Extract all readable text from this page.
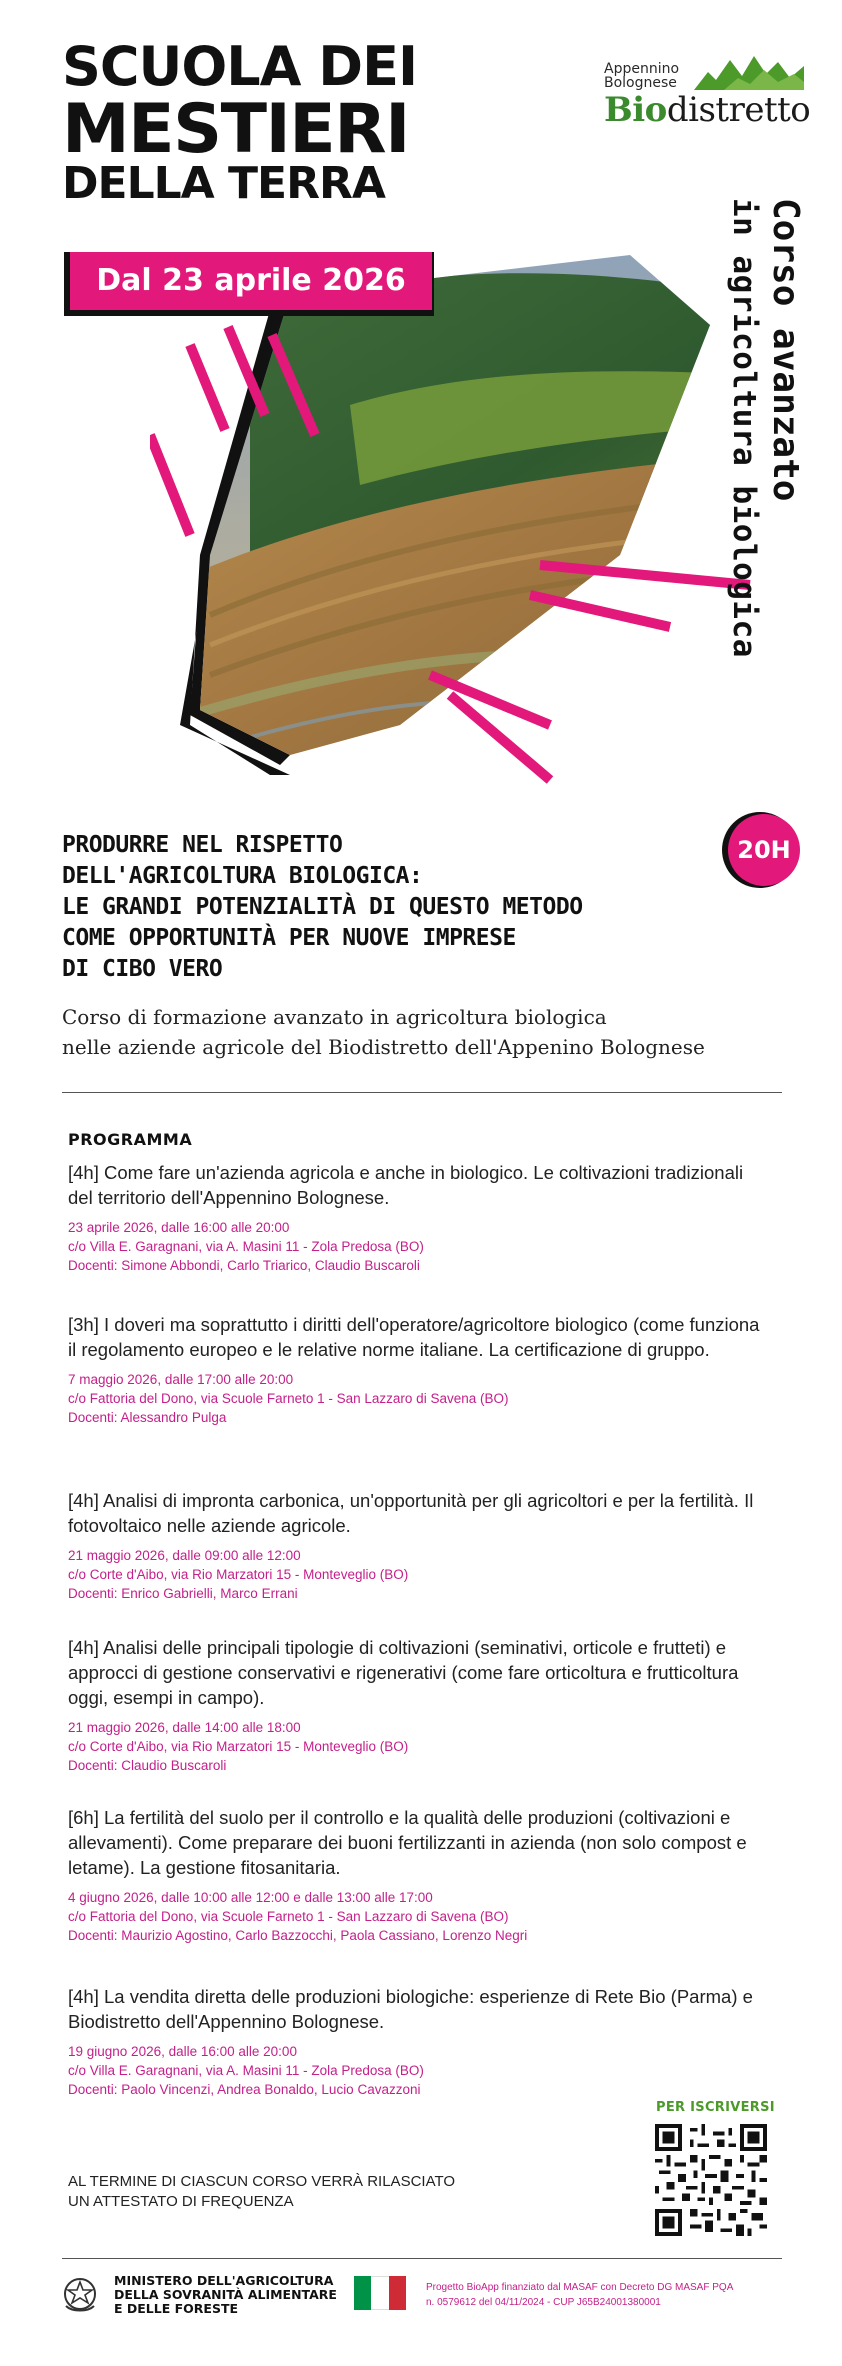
SCUOLA DEI
MESTIERI
DELLA TERRA
Appennino
Bolognese
Biodistretto
Dal 23 aprile 2026	Corso avanzato
in agricoltura biologica
20H
PRODURRE NEL RISPETTO
DELL'AGRICOLTURA BIOLOGICA:
LE GRANDI POTENZIALITÀ DI QUESTO METODO
COME OPPORTUNITÀ PER NUOVE IMPRESE
DI CIBO VERO
Corso di formazione avanzato in agricoltura biologica
nelle aziende agricole del Biodistretto dell'Appenino Bolognese
PROGRAMMA
[4h] Come fare un'azienda agricola e anche in biologico. Le coltivazioni tradizionali del territorio dell'Appennino Bolognese.
23 aprile 2026, dalle 16:00 alle 20:00
c/o Villa E. Garagnani, via A. Masini 11 - Zola Predosa (BO)
Docenti: Simone Abbondi, Carlo Triarico, Claudio Buscaroli
[3h] I doveri ma soprattutto i diritti dell'operatore/agricoltore biologico (come funziona il regolamento europeo e le relative norme italiane. La certificazione di gruppo.
7 maggio 2026, dalle 17:00 alle 20:00
c/o Fattoria del Dono, via Scuole Farneto 1 - San Lazzaro di Savena (BO)
Docenti: Alessandro Pulga
[4h] Analisi di impronta carbonica, un'opportunità per gli agricoltori e per la fertilità. Il fotovoltaico nelle aziende agricole.
21 maggio 2026, dalle 09:00 alle 12:00
c/o Corte d'Aibo, via Rio Marzatori 15 - Monteveglio (BO)
Docenti: Enrico Gabrielli, Marco Errani
[4h] Analisi delle principali tipologie di coltivazioni (seminativi, orticole e frutteti) e approcci di gestione conservativi e rigenerativi (come fare orticoltura e frutticoltura oggi, esempi in campo).
21 maggio 2026, dalle 14:00 alle 18:00
c/o Corte d'Aibo, via Rio Marzatori 15 - Monteveglio (BO)
Docenti: Claudio Buscaroli
[6h] La fertilità del suolo per il controllo e la qualità delle produzioni (coltivazioni e allevamenti). Come preparare dei buoni fertilizzanti in azienda (non solo compost e letame). La gestione fitosanitaria.
4 giugno 2026, dalle 10:00 alle 12:00 e dalle 13:00 alle 17:00
c/o Fattoria del Dono, via Scuole Farneto 1 - San Lazzaro di Savena (BO)
Docenti: Maurizio Agostino, Carlo Bazzocchi, Paola Cassiano, Lorenzo Negri
[4h] La vendita diretta delle produzioni biologiche: esperienze di Rete Bio (Parma) e Biodistretto dell'Appennino Bolognese.
19 giugno 2026, dalle 16:00 alle 20:00
c/o Villa E. Garagnani, via A. Masini 11 - Zola Predosa (BO)
Docenti: Paolo Vincenzi, Andrea Bonaldo, Lucio Cavazzoni
PER ISCRIVERSI
AL TERMINE DI CIASCUN CORSO VERRÀ RILASCIATO
UN ATTESTATO DI FREQUENZA
MINISTERO DELL'AGRICOLTURA
DELLA SOVRANITÀ ALIMENTARE
E DELLE FORESTE
Progetto BioApp finanziato dal MASAF con Decreto DG MASAF PQA
n. 0579612 del 04/11/2024 - CUP J65B24001380001
